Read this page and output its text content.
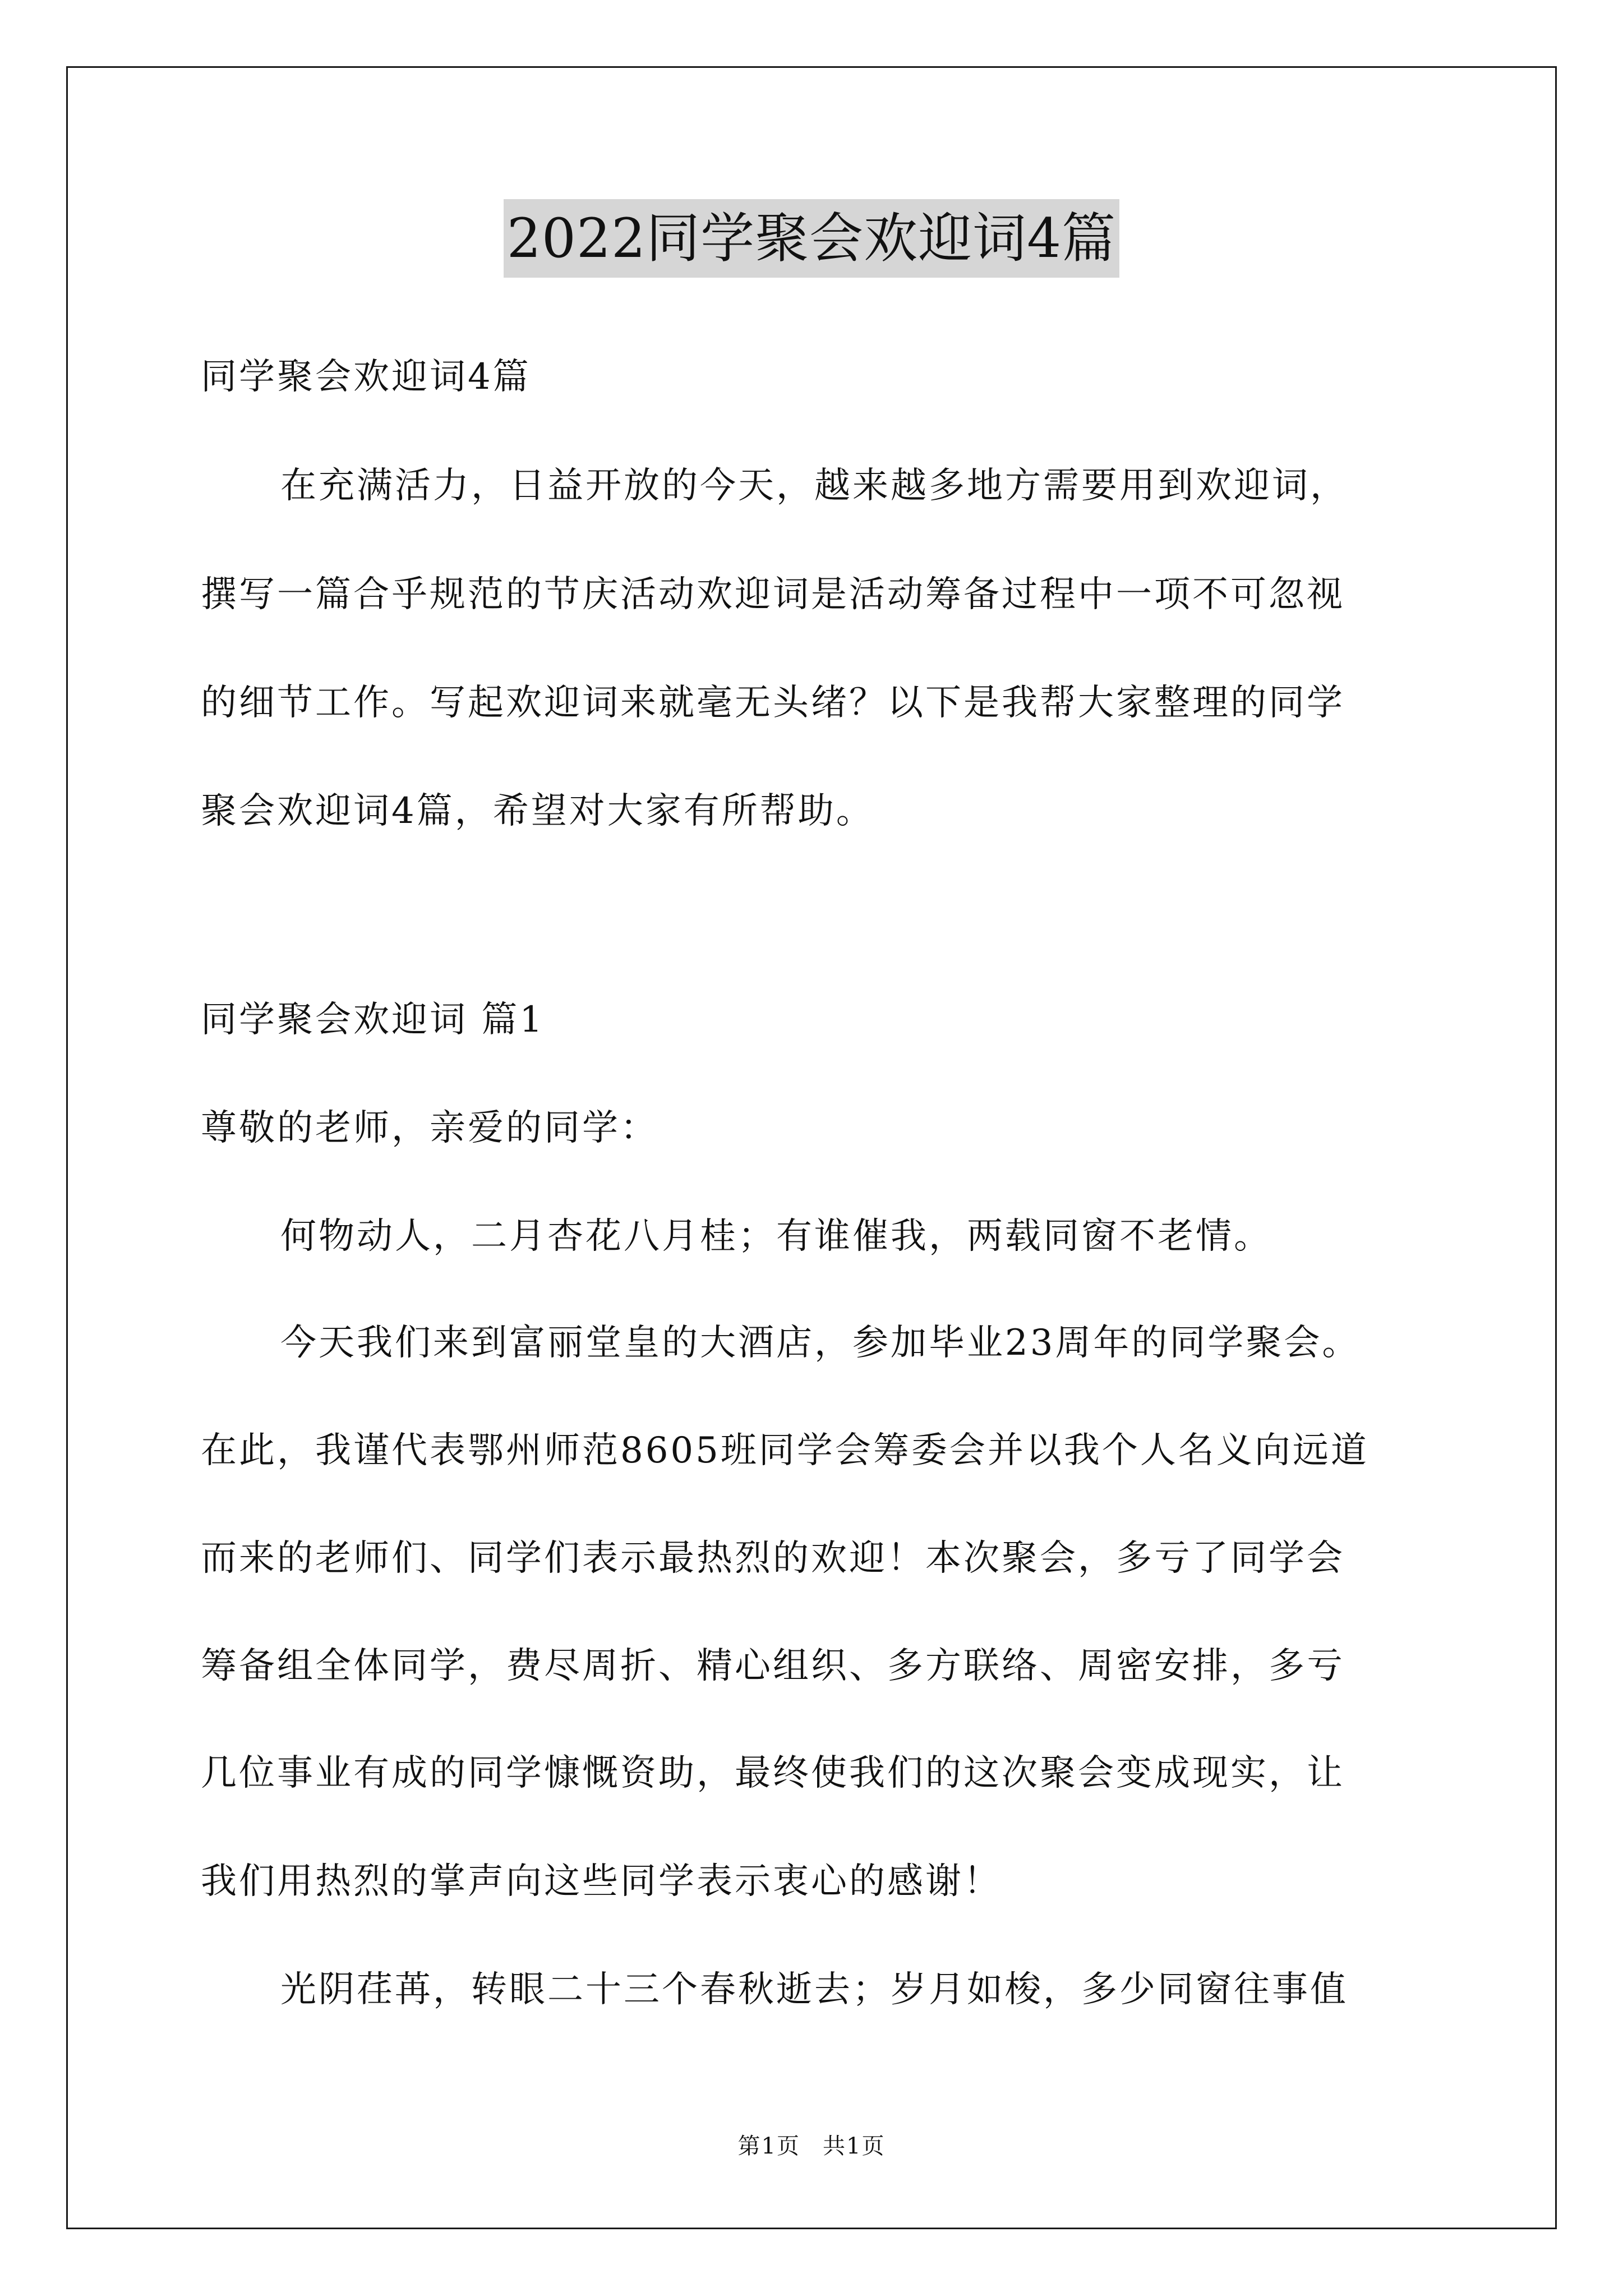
2022同学聚会欢迎词4篇
同学聚会欢迎词4篇
在充满活力，日益开放的今天，越来越多地方需要用到欢迎词，
撰写一篇合乎规范的节庆活动欢迎词是活动筹备过程中一项不可忽视
的细节工作。写起欢迎词来就毫无头绪？以下是我帮大家整理的同学
聚会欢迎词4篇，希望对大家有所帮助。
同学聚会欢迎词 篇1
尊敬的老师，亲爱的同学：
何物动人，二月杏花八月桂；有谁催我，两载同窗不老情。
今天我们来到富丽堂皇的大酒店，参加毕业23周年的同学聚会。
在此，我谨代表鄂州师范8605班同学会筹委会并以我个人名义向远道
而来的老师们、同学们表示最热烈的欢迎！本次聚会，多亏了同学会
筹备组全体同学，费尽周折、精心组织、多方联络、周密安排，多亏
几位事业有成的同学慷慨资助，最终使我们的这次聚会变成现实，让
我们用热烈的掌声向这些同学表示衷心的感谢！
光阴荏苒，转眼二十三个春秋逝去；岁月如梭，多少同窗往事值
第1页 共1页
